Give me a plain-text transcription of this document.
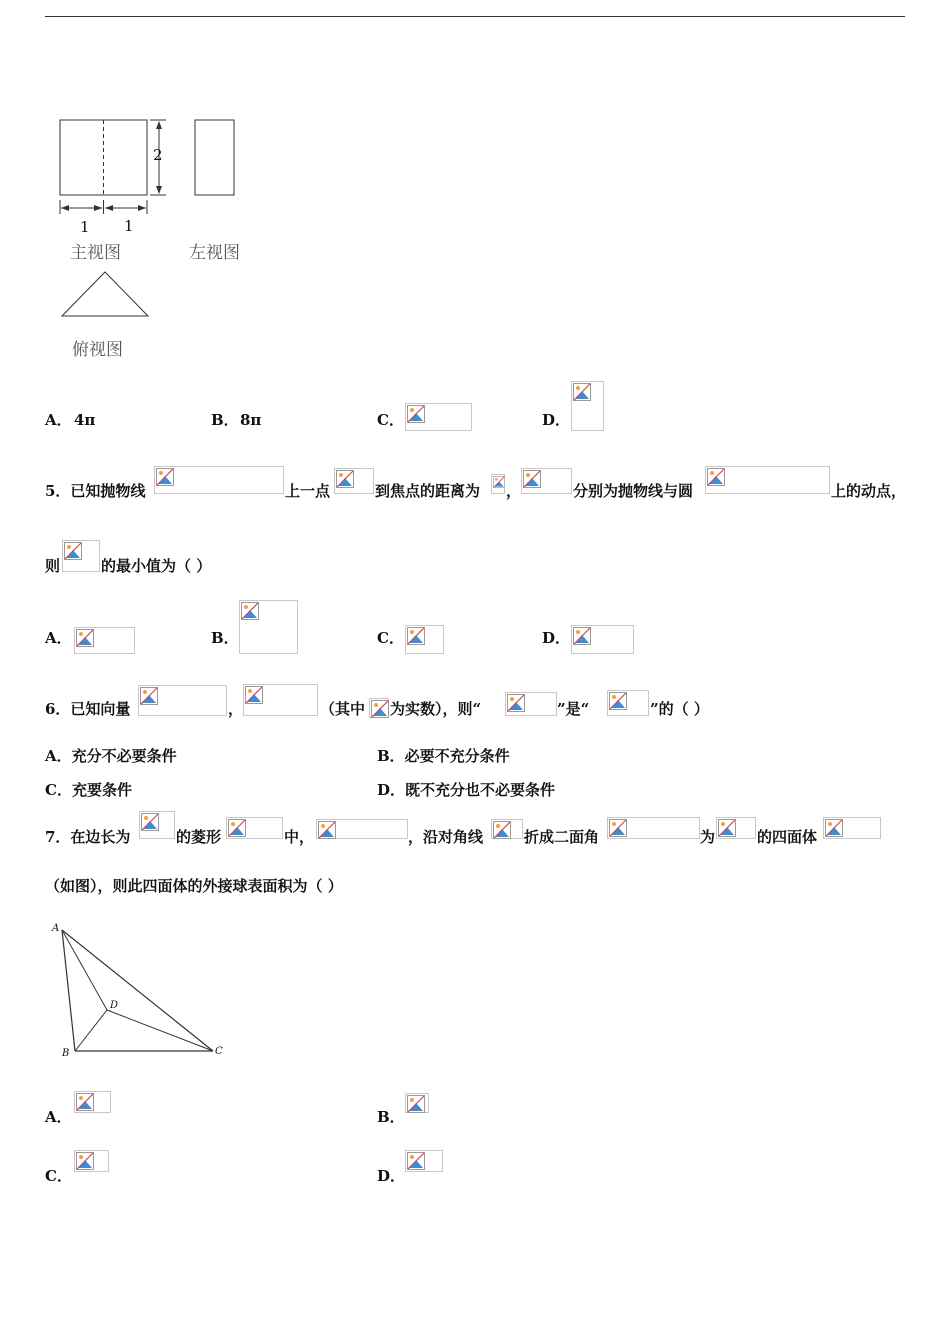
2
1 1
主视图	左视图
俯视图
A． 4π	B． 8π	C．	D．
5．已知抛物线	上一点	到焦点的距离为 ，	分别为抛物线与圆	上的动点，
则	的最小值为（ ）
A．	B．	C．	D．
6．已知向量	，	（其中 为实数），则“	”是“	”的（ ）
A．充分不必要条件	B．必要不充分条件
C．充要条件	D．既不充分也不必要条件
7．在边长为	的菱形	中，	，沿对角线	折成二面角	为	的四面体
（如图），则此四面体的外接球表面积为（ ）
A
B	C
D
A．	B．
C．	D．
